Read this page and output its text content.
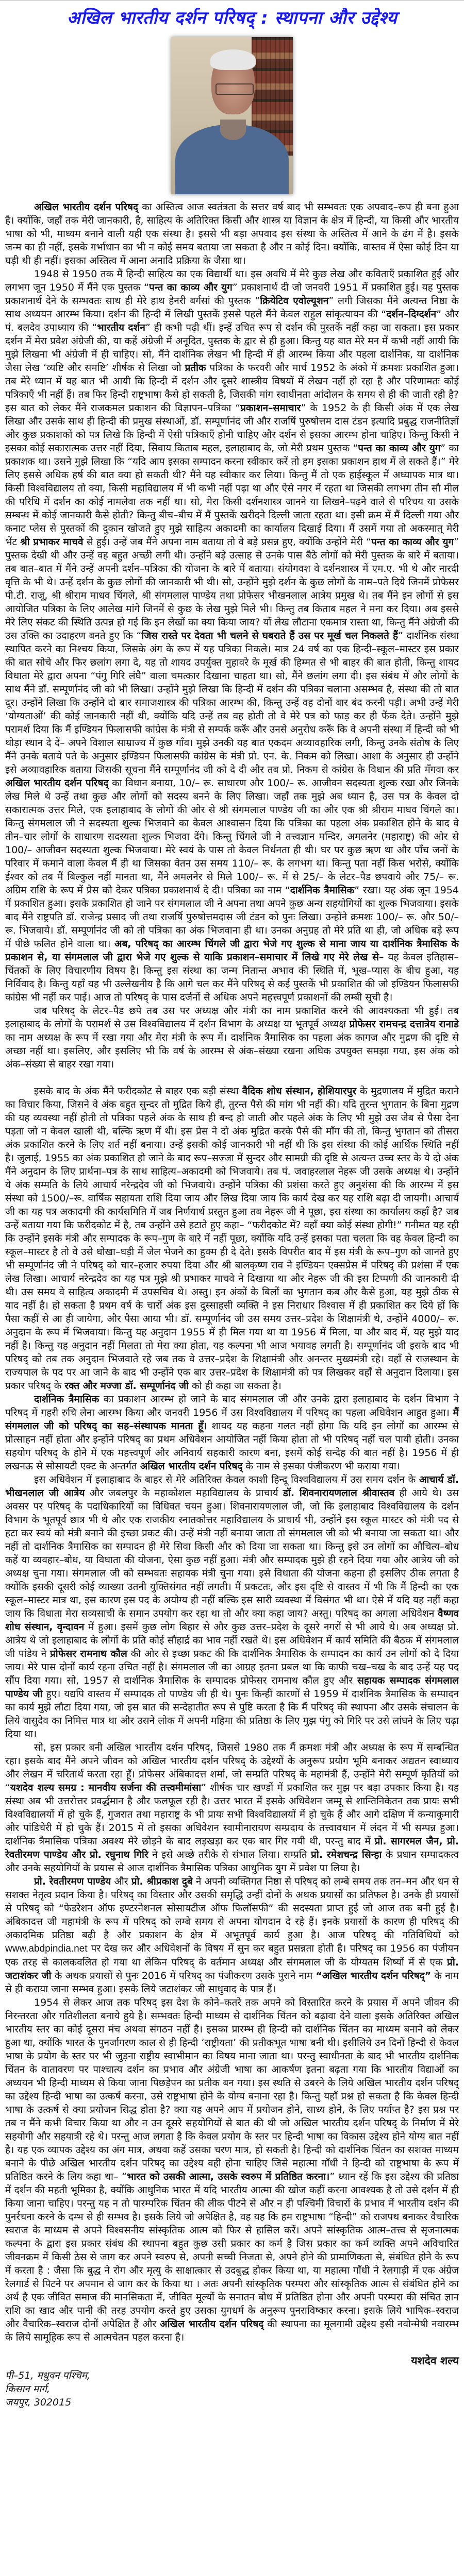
अखिल भारतीय दर्शन परिषद् : स्थापना और उद्देश्य

अखिल भारतीय दर्शन परिषद् का अस्तित्व आज स्वतंत्रता के सत्तर वर्ष बाद भी सम्भवतः एक अपवाद–रूप ही बना हुआ है। क्योंकि, जहाँ तक मेरी जानकारी, है, साहित्य के अतिरिक्त किसी और शास्त्र या विज्ञान के क्षेत्र में हिन्दी, या किसी और भारतीय भाषा को भी, माध्यम बनाने वाली यही एक संस्था है। इससे भी बड़ा अपवाद इस संस्था के अस्तित्व में आने के ढंग में है। इसके जन्म का ही नहीं, इसके गर्भाधान का भी न कोई समय बताया जा सकता है और न कोई दिन। क्योंकि, वास्तव में ऐसा कोई दिन या घड़ी थी ही नहीं। इसका अस्तित्व में आना अनादि प्रक्रिया के जैसा था।

1948 से 1950 तक मैं हिन्दी साहित्य का एक विद्यार्थी था। इस अवधि में मेरे कुछ लेख और कविताएँ प्रकाशित हुईं और लगभग जून 1950 में मैंने एक पुस्तक “पन्त का काव्य और युग” प्रकाशनार्थ दी जो जनवरी 1951 में प्रकाशित हुई। यह पुस्तक प्रकाशनार्थ देने के सम्भवतः साथ ही मेरे हाथ हेनरी बर्गसां की पुस्तक “क्रियेटिव एवोल्यूशन” लगी जिसका मैंने अत्यन्त निष्ठा के साथ अध्ययन आरम्भ किया। दर्शन की हिन्दी में लिखी पुस्तकें इससे पहले मैंने केवल राहुल सांकृत्यायन की “दर्शन–दिग्दर्शन” और पं. बलदेव उपाध्याय की “भारतीय दर्शन” ही कभी पढ़ी थीं। इन्हें उचित रूप से दर्शन की पुस्तकें नहीं कहा जा सकता। इस प्रकार दर्शन में मेरा प्रवेश अंग्रेजी की, या कहें अंग्रेजी में अनूदित, पुस्तक के द्वार से ही हुआ। किन्तु यह बात मेरे मन में कभी नहीं आयी कि मुझे लिखना भी अंग्रेजी में ही चाहिए। सो, मैंने दार्शनिक लेखन भी हिन्दी में ही आरम्भ किया और पहला दार्शनिक, या दार्शनिक जैसा लेख ‘व्यष्टि और समष्टि’ शीर्षक से लिखा जो प्रतीक पत्रिका के फरवरी और मार्च 1952 के अंको में क्रमशः प्रकाशित हुआ। तब मेरे ध्यान में यह बात भी आयी कि हिन्दी में दर्शन और दूसरे शास्त्रीय विषयों में लेखन नहीं हो रहा है और परिणामतः कोई पत्रिकाएँ भी नहीं हैं। तब फिर हिन्दी राष्ट्रभाषा कैसे हो सकती है, जिसकी मांग स्वाधीनता आंदोलन के समय से ही की जाती रही है? इस बात को लेकर मैंने राजकमल प्रकाशन की विज्ञापन–पत्रिका “प्रकाशन–समाचार” के 1952 के ही किसी अंक में एक लेख लिखा और उसके साथ ही हिन्दी की प्रमुख संस्थाओं, डॉ. सम्पूर्णानंद जी और राजर्षि पुरुषोत्तम दास टंडन इत्यादि प्रबुद्ध राजनीतिज्ञों और कुछ प्रकाशकों को पत्र लिखे कि हिन्दी में ऐसी पत्रिकाएँ होनी चाहिए और दर्शन से इसका आरम्भ होना चाहिए। किन्तु किसी ने इसका कोई सकारात्मक उत्तर नहीं दिया, सिवाय किताब महल, इलाहाबाद के, जो मेरी प्रथम पुस्तक “पन्त का काव्य और युग” का प्रकाशक था। उसने मुझे लिखा कि “यदि आप इसका सम्पादन करना स्वीकार करें तो हम इसका प्रकाशन हाथ में ले सकते हैं।” मेरे लिए इससे अधिक हर्ष की बात क्या हो सकती थी? मैंने यह स्वीकार कर लिया। किन्तु मैं तो एक हाईस्कूल में अध्यापक मात्र था। किसी विश्वविद्यालय तो क्या, किसी महाविद्यालय में भी कभी नहीं पढ़ा था और ऐसे नगर में रहता था जिसकी लगभग तीन सौ मील की परिधि में दर्शन का कोई नामलेवा तक नहीं था। सो, मेरा किसी दर्शनशास्त्र जानने या लिखने–पढ़ने वाले से परिचय या उसके सम्बन्ध में कोई जानकारी कैसे होती? किन्तु बीच–बीच में मैं पुस्तकें खरीदने दिल्ली जाता रहता था। इसी क्रम में मैं दिल्ली गया और कनाट प्लेस से पुस्तकों की दुकान खोजते हुए मुझे साहित्य अकादमी का कार्यालय दिखाई दिया। मैं उसमें गया तो अकस्मात् मेरी भेंट श्री प्रभाकर माचवे से हुई। उन्हें जब मैंने अपना नाम बताया तो वे बड़े प्रसन्न हुए, क्योंकि उन्होंने मेरी “पन्त का काव्य और युग” पुस्तक देखी थी और उन्हें वह बहुत अच्छी लगी थी। उन्होंने बड़े उत्साह से उनके पास बैठे लोगों को मेरी पुस्तक के बारे में बताया। तब बात–बात में मैंने उन्हें अपनी दर्शन–पत्रिका की योजना के बारे में बताया। संयोगवश वे दर्शनशास्त्र में एम.ए. भी थे और नारदी वृत्ति के भी थे। उन्हें दर्शन के कुछ लोगों की जानकारी भी थी। सो, उन्होंने मुझे दर्शन के कुछ लोगों के नाम–पते दिये जिनमें प्रोफेसर पी.टी. राजू, श्री श्रीराम माधव चिंगले, श्री संगमलाल पाण्डेय तथा प्रोफेसर भीखनलाल आत्रेय प्रमुख थे। तब मैंने इन लोगों से इस आयोजित पत्रिका के लिए आलेख मांगे जिनमें से कुछ के लेख मुझे मिले भी। किन्तु तब किताब महल ने मना कर दिया। अब इससे मेरे लिए संकट की स्थिति उत्पन्न हो गई कि इन लेखों का क्या किया जाय? यों लेख लौटाना एकमात्र रास्ता था, किन्तु मैंने अंग्रेजी की उस उक्ति का उदाहरण बनते हुए कि “जिस रास्ते पर देवता भी चलने से घबराते हैं उस पर मूर्ख चल निकलते हैं” दार्शनिक संस्था स्थापित करने का निश्चय किया, जिसके अंग के रूप में यह पत्रिका निकले। मात्र 24 वर्ष का एक हिन्दी–स्कूल–मास्टर इस प्रकार की बात सोचे और फिर छलांग लगा दे, यह तो शायद उपर्युक्त मुहावरे के मूर्ख की हिम्मत से भी बाहर की बात होती, किन्तु शायद विधाता मेरे द्वारा अपना “पंगु गिरि लंघै” वाला चमत्कार दिखाना चाहता था। सो, मैंने छलांग लगा दी। इस संबंध में और लोगों के साथ मैंने डॉ. सम्पूर्णानंद जी को भी लिखा। उन्होंने मुझे लिखा कि हिन्दी में दर्शन की पत्रिका चलाना असम्भव है, संस्था की तो बात दूर। उन्होंने लिखा कि उन्होंने दो बार समाजशास्त्र की पत्रिका आरम्भ की, किन्तु उन्हें वह दोनों बार बंद करनी पड़ी। अभी उन्हें मेरी ‘योग्यताओं’ की कोई जानकारी नहीं थी, क्योंकि यदि उन्हें तब वह होती तो वे मेरे पत्र को फाड़ कर ही फेंक देते। उन्होंने मुझे परामर्श दिया कि मैं इण्डियन फिलासफी कांग्रेस के मंत्री से सम्पर्क करूँ और उनसे अनुरोध करूँ कि वे अपनी संस्था में हिन्दी को भी थोड़ा स्थान दे दें– अपने विशाल साम्राज्य में कुछ गाँव। मुझे उनकी यह बात एकदम अव्यावहारिक लगी, किन्तु उनके संतोष के लिए मैंने उनके बताये पते के अनुसार इण्डियन फिलासफी कांग्रेस के मंत्री प्रो. एन. के. निकम को लिखा। आशा के अनुसार ही उन्होंने इसे अव्यावहारिक बताया जिसकी सूचना मैंने सम्पूर्णानंद जी को दे दी और तब प्रो. निकम से कांग्रेस के विधान की प्रति मँगवा कर अखिल भारतीय दर्शन परिषद् का विधान बनाया, 10/– रू. साधारण और 100/– रू. आजीवन सदस्यता शुल्क रखा और जिनके लेख मिले थे उन्हें तथा कुछ और लोगों को सदस्य बनने के लिए लिखा। जहाँ तक मुझे अब ध्यान है, उस पत्र के केवल दो सकारात्मक उत्तर मिले, एक इलाहाबाद के लोगों की ओर से श्री संगमलाल पाण्डेय जी का और एक श्री श्रीराम माधव चिंगले का। किन्तु संगमलाल जी ने सदस्यता शुल्क भिजवाने का केवल आश्वासन दिया कि पत्रिका का पहला अंक प्रकाशित होने के बाद वे तीन–चार लोगों के साधारण सदस्यता शुल्क भिजवा देंगे। किन्तु चिंगले जी ने तत्त्वज्ञान मन्दिर, अमलनेर (महाराष्ट्र) की ओर से 100/– आजीवन सदस्यता शुल्क भिजवाया। मेरे स्वयं के पास तो केवल निर्धनता ही थी। घर पर कुछ ऋण था और पाँच जनों के परिवार में कमाने वाला केवल मैं ही था जिसका वेतन उस समय 110/– रू. के लगभग था। किन्तु पता नहीं किस भरोसे, क्योंकि ईश्वर को तब मैं बिल्कुल नहीं मानता था, मैंने अमलनेर से मिले 100/– रू. में से 25/– के लेटर–पैड छपवाये और 75/– रू. अग्रिम राशि के रूप में प्रेस को देकर पत्रिका प्रकाशनार्थ दे दी। पत्रिका का नाम “दार्शनिक त्रैमासिक” रखा। यह अंक जून 1954 में प्रकाशित हुआ। इसके प्रकाशित हो जाने पर संगमलाल जी ने अपना तथा अपने कुछ अन्य सहयोगियों का शुल्क भिजवाया। इसके बाद मैंने राष्ट्रपति डॉ. राजेन्द्र प्रसाद जी तथा राजर्षि पुरुषोत्तमदास जी टंडन को पुनः लिखा। उन्होंने क्रमशः 100/– रू. और 50/– रू. भिजवाये। डॉ. सम्पूर्णानंद जी को तो पत्रिका का अंक भिजवाना ही था। उनका अनुग्रह तो मेरे प्रति था ही, जो अधिक बड़े रूप में पीछे फलित होने वाला था। अब, परिषद् का आरम्भ चिंगले जी द्वारा भेजे गए शुल्क से माना जाय या दार्शनिक त्रैमासिक के प्रकाशन से, या संगमलाल जी द्वारा भेजे गए शुल्क से याकि प्रकाशन–समाचार में लिखे गए मेरे लेख से– यह केवल इतिहास–चिंतकों के लिए विचारणीय विषय है। किन्तु इस संस्था का जन्म नितान्त अभाव की स्थिति में, भूख–प्यास के बीच हुआ, यह निर्विवाद है। किन्तु यहाँ यह भी उल्लेखनीय है कि आगे चल कर मैंने परिषद् से कई पुस्तकें भी प्रकाशित की जो इण्डियन फिलासफी कांग्रेस भी नहीं कर पाई। आज तो परिषद् के पास दर्जनों से अधिक अपने महत्त्वपूर्ण प्रकाशनों की लम्बी सूची है।

जब परिषद् के लेटर–पैड छपे तब उस पर अध्यक्ष और मंत्री का नाम प्रकाशित करने की आवश्यकता भी हुई। तब इलाहाबाद के लोगों के परामर्श से उस विश्वविद्यालय में दर्शन विभाग के अध्यक्ष या भूतपूर्व अध्यक्ष प्रोफेसर रामचन्द्र दत्तात्रेय रानाडे का नाम अध्यक्ष के रूप में रखा गया और मेरा मंत्री के रूप में। दार्शनिक त्रैमासिक का पहला अंक कागज और मुद्रण की दृष्टि से अच्छा नहीं था। इसलिए, और इसलिए भी कि वर्ष के आरम्भ से अंक–संख्या रखना अधिक उपयुक्त समझा गया, इस अंक को अंक–संख्या से बाहर रखा गया।

इसके बाद के अंक मैंने फरीदकोट से बाहर एक बड़ी संस्था वैदिक शोध संस्थान, होशियारपुर के मुद्रणालय में मुद्रित कराने का विचार किया, जिसने वे अंक बहुत सुन्दर तो मुद्रित किये ही, तुरन्त पैसे की मांग भी नहीं की। यदि तुरन्त भुगतान के बिना मुद्रण की यह व्यवस्था नहीं होती तो पत्रिका पहले अंक के साथ ही बन्द हो जाती और पहले अंक के लिए भी मुझे उस जेब से पैसा देना पड़ता जो न केवल खाली थी, बल्कि ऋण में थी। इस प्रेस ने दो अंक मुद्रित करके पैसे की माँग की तो, किन्तु भुगतान को तीसरा अंक प्रकाशित करने के लिए शर्त नहीं बनाया। उन्हें इसकी कोई जानकारी भी नहीं थी कि इस संस्था की कोई आर्थिक स्थिति नहीं है। जुलाई, 1955 का अंक प्रकाशित हो जाने के बाद रूप–सज्जा में सुन्दर और सामग्री की दृष्टि से अत्यन्त उच्च स्तर के ये दो अंक मैंने अनुदान के लिए प्रार्थना–पत्र के साथ साहित्य–अकादमी को भिजवाये। तब पं. जवाहरलाल नेहरू जी उसके अध्यक्ष थे। उन्होंने ये अंक सम्मति के लिये आचार्य नरेन्द्रदेव जी को भिजवाये। उन्होंने पत्रिका की प्रशंसा करते हुए अनुशंसा की कि आरम्भ में इस संस्था को 1500/–रू. वार्षिक सहायता राशि दिया जाय और लिख दिया जाय कि कार्य देख कर यह राशि बढ़ा दी जायगी। आचार्य जी का यह पत्र अकादमी की कार्यसमिति में जब निर्णयार्थ प्रस्तुत हुआ तब नेहरू जी ने पूछा, इस संस्था का कार्यालय कहाँ है? जब उन्हें बताया गया कि फरीदकोट में है, तब उन्होंने उसे हटाते हुए कहा– “फरीदकोट में? वहाँ क्या कोई संस्था होगी!” गनीमत यह रही कि उन्होंने इसके मंत्री और सम्पादक के रूप–गुण के बारे में नहीं पूछा, क्योंकि यदि उन्हें इसका पता चलता कि वह केवल हिन्दी का स्कूल–मास्टर है तो वे उसे धोखा–धड़ी में जेल भेजने का हुक्म ही दे देते। इसके विपरीत बाद में इस मंत्री के रूप–गुण को जानते हुए भी सम्पूर्णानंद जी ने परिषद् को चार–हजार रुपया दिया और श्री बालकृष्ण राव ने इण्डियन एक्सप्रेस में परिषद् की प्रशंसा में एक लेख लिखा। आचार्य नरेन्द्रदेव का यह पत्र मुझे श्री प्रभाकर माचवे ने दिखाया था और नेहरू जी की इस टिप्पणी की जानकारी दी थी। उस समय वे साहित्य अकादमी में उपसचिव थे। अस्तु। इन अंकों के बिलों का भुगतान कब और कैसे हुआ, यह मुझे ठीक से याद नहीं है। हो सकता है प्रथम वर्ष के चारों अंक इस दुस्साहसी व्यक्ति ने इस निराधार विश्वास में ही प्रकाशित कर दिये हों कि पैसा कहीं से आ ही जायेगा, और पैसा आया भी। डॉ. सम्पूर्णानंद जी उस समय उत्तर–प्रदेश के शिक्षामंत्री थे, उन्होंने 4000/– रू. अनुदान के रूप में भिजवाया। किन्तु यह अनुदान 1955 में ही मिल गया था या 1956 में मिला, या और बाद में, यह मुझे याद नहीं है। किन्तु यह अनुदान नहीं मिलता तो मेरा क्या होता, यह कल्पना भी आज भयावह लगती है। सम्पूर्णानंद जी इसके बाद भी परिषद् को तब तक अनुदान भिजवाते रहे जब तक वे उत्तर–प्रदेश के शिक्षामंत्री और अनन्तर मुख्यमंत्री रहे। वहाँ से राजस्थान के राज्यपाल के पद पर आ जाने के बाद भी उन्होंने एक बार उत्तर–प्रदेश के शिक्षामंत्री को पत्र लिखकर वहाँ से अनुदान दिलाया। इस प्रकार परिषद् के रक्त और मज्जा डॉ. सम्पूर्णानंद जी को ही कहा जा सकता है।

दार्शनिक त्रैमासिक का प्रकाशन आरम्भ हो जाने के बाद संगमलाल जी और उनके द्वारा इलाहाबाद के दर्शन विभाग ने परिषद् में गहरी रुचि लेना आरम्भ किया और जनवरी 1956 में उस विश्वविद्यालय में परिषद् का पहला अधिवेशन आहुत हुआ। मैं संगमलाल जी को परिषद् का सह–संस्थापक मानता हूँ। शायद यह कहना गलत नहीं होगा कि यदि इन लोगों का आरम्भ से प्रोत्साहन नहीं होता और इन्होंने परिषद् का प्रथम अधिवेशन आयोजित नहीं किया होता तो भी परिषद् नहीं चल पायी होती। उनका सहयोग परिषद् के होने में एक महत्त्वपूर्ण और अनिवार्य सहकारी कारण बना, इसमें कोई सन्देह की बात नहीं है। 1956 में ही लखनऊ से सोसायटी एक्ट के अन्तर्गत अखिल भारतीय दर्शन परिषद् के नाम से इसका पंजीकरण भी कराया गया।

इस अधिवेशन में इलाहाबाद के बाहर से मेरे अतिरिक्त केवल काशी हिन्दू विश्वविद्यालय में उस समय दर्शन के आचार्य डॉ. भीखनलाल जी आत्रेय और जबलपुर के महाकोशल महाविद्यालय के प्राचार्य डॉ. शिवनारायणलाल श्रीवास्तव ही आये थे। उस अवसर पर परिषद् के पदाधिकारियों का विधिवत चयन हुआ। शिवनारायणलाल जी, जो कि इलाहाबाद विश्वविद्यालय के दर्शन विभाग के भूतपूर्व छात्र भी थे और एक राजकीय स्नातकोत्तर महाविद्यालय के प्राचार्य भी, उन्होंने इस स्कूल मास्टर को मंत्री पद से हटा कर स्वयं को मंत्री बनाने की इच्छा प्रकट की। उन्हें मंत्री नहीं बनाया जाता तो संगमलाल जी को भी बनाया जा सकता था। और नहीं तो दार्शनिक त्रैमासिक का सम्पादन ही मेरे सिवा किसी और को दिया जा सकता था। किन्तु इसे उन लोगों का औचित्य–बोध कहें या व्यवहार–बोध, या विधाता की योजना, ऐसा कुछ नहीं हुआ। मंत्री और सम्पादक मुझे ही रहने दिया गया और आत्रेय जी को अध्यक्ष चुना गया। संगमलाल जी को सम्भवतः सहायक मंत्री चुना गया। इसे विधाता की योजना कहना ही इसलिए ठीक लगता है क्योंकि इसकी दूसरी कोई व्याख्या उतनी युक्तिसंगत नहीं लगती। मैं प्रकटतः, और इस दृष्टि से वास्तव में भी कि मैं हिन्दी का एक स्कूल–मास्टर मात्र था, इस कारण इस पद के अयोग्य ही नहीं बल्कि इस सारी व्यवस्था में विसंगत भी था। ऐसे में यदि यह नहीं कहा जाय कि विधाता मेरा सव्यसाची के समान उपयोग कर रहा था तो और क्या कहा जाय? अस्तु। परिषद् का अगला अधिवेशन वैष्णव शोध संस्थान, वृन्दावन में हुआ। इसमें कुछ लोग बिहार से और कुछ उत्तर–प्रदेश के दूसरे नगरों से भी आये थे। अब अध्यक्ष प्रो. आत्रेय थे जो इलाहाबाद के लोगों के प्रति कोई सौहार्द्र का भाव नहीं रखते थे। इस अधिवेशन में कार्य समिति की बैठक में संगमलाल जी पांडेय ने प्रोफेसर रामनाथ कौल की ओर से इच्छा प्रकट की कि दार्शनिक त्रैमासिक के सम्पादन का कार्य उन लोगों को दे दिया जाय। मेरे पास दोनों कार्य रहना उचित नहीं है। संगमलाल जी का आग्रह इतना प्रबल था कि काफी चख–चख के बाद उन्हें यह पद सौंप दिया गया। सो, 1957 से दार्शनिक त्रैमासिक के सम्पादक प्रोफेसर रामनाथ कौल हुए और सहायक सम्पादक संगमलाल पाण्डेय जी हुए। यद्यपि वास्तव में सम्पादक तो पाण्डेय जी ही थे। पुनः किन्हीं कारणों से 1959 में दार्शनिक त्रैमासिक के सम्पादन का कार्य मुझे लौटा दिया गया, जो इस बात की सन्देहातीत रूप से पुष्टि करता है कि मैं परिषद् की स्थापना और उसके संचालन के लिये वासुदेव का निमित्त मात्र था और उसने लोक में अपनी महिमा की प्रतिष्ठा के लिए मुझ पंगु को गिरि पर उसे लांघने के लिए चढ़ा दिया था।

सो, इस प्रकार बनी अखिल भारतीय दर्शन परिषद्, जिससे 1980 तक मैं क्रमशः मंत्री और अध्यक्ष के रूप में सम्बन्धित रहा। इसके बाद मैंने अपने जीवन को अखिल भारतीय दर्शन परिषद् के उद्देश्यों के अनुरूप प्रयोग भूमि बनाकर अद्यतन स्वाध्याय और लेखन में चरितार्थ करता रहा हूँ। प्रोफेसर अंबिकादत्त शर्मा, जो सम्प्रति परिषद् के महामंत्री हैं, उन्होंने मेरी सम्पूर्ण कृतियों को “यशदेव शल्य समग्र : मानवीय सर्जना की तत्त्वमीमांसा” शीर्षक चार खण्डों में प्रकाशित कर मुझ पर बड़ा उपकार किया है। यह संस्था अब भी उत्तरोत्तर प्रवर्द्धमान है और फलफूल रही है। उत्तर भारत में इसके अधिवेशन जम्मू से शान्तिनिकेतन तक प्रायः सभी विश्वविद्यालयों में हो चुके हैं, गुजरात तथा महाराष्ट्र के भी प्रायः सभी विश्वविद्यालयों में हो चुके हैं और आगे दक्षिण में कन्याकुमारी और पांडिचेरी में हो चुके हैं। 2015 में तो इसका अधिवेशन स्वामीनारायण सम्प्रदाय के तत्त्वावधान में लंदन में भी सम्पन्न हुआ। दार्शनिक त्रैमासिक पत्रिका अवश्य मेरे छोड़ने के बाद लड़खड़ा कर एक बार गिर गयी थी, परन्तु बाद में प्रो. सागरमल जैन, प्रो. रेवतीरमण पाण्डेय और प्रो. रघुनाथ गिरि ने इसे अच्छे तरीके से संभाल लिया। सम्प्रति प्रो. रमेशचन्द्र सिन्हा के प्रधान सम्पादकत्व और उनके सहयोगियों के प्रयास से आज दार्शनिक त्रैमासिक पत्रिका आधुनिक युग में प्रवेश पा लिया है।

प्रो. रेवतीरमण पाण्डेय और प्रो. श्रीप्रकाश दुबे ने अपनी व्यक्तिगत निष्ठा से परिषद् को लम्बे समय तक तन–मन और धन से सशक्त नेतृत्व प्रदान किया है। परिषद् का विस्तार और उसकी समृद्धि उन्हीं दोनों के अथक प्रयासों का प्रतिफल है। उनके ही प्रयासों से परिषद् को “फेडरेशन ऑफ इण्टरनेशनल सोसायटीज ऑफ फिलॉसफी” की सदस्यता प्राप्त हुई जो आज तक बनी हुई है। अंबिकादत्त जी महामंत्री के रूप में परिषद् को लम्बे समय से अपना योगदान दे रहे हैं। इनके प्रयासों के कारण ही परिषद् की अकादमिक प्रतिष्ठा बढ़ी है और प्रकाशन के क्षेत्र में अभूतपूर्व कार्य हुआ है। आज परिषद् की गतिविधियों को www.abdpindia.net पर देख कर और अधिवेशनों के विषय में सुन कर बहुत प्रसन्नता होती है। परिषद् का 1956 का पंजीयन एक तरह से कालकवलित हो गया था लेकिन परिषद् के वर्तमान अध्यक्ष और संगमलाल जी के योग्यतम शिष्यों में से एक प्रो. जटाशंकर जी के अथक प्रयासों से पुनः 2016 में परिषद् का पंजीकरण उसके पुराने नाम “अखिल भारतीय दर्शन परिषद्” के नाम से ही कराया जाना सम्भव हुआ। इसके लिये जटाशंकर जी साधुवाद के पात्र हैं।

1954 से लेकर आज तक परिषद् इस देश के कोने–कतरे तक अपने को विस्तारित करने के प्रयास में अपने जीवन की निरन्तरता और गतिशीलता बनाये हुये है। सम्भवतः हिन्दी माध्यम से दार्शनिक चिंतन को बढ़ावा देने वाला इसके अतिरिक्त अखिल भारतीय स्तर का कोई दूसरा मंच अथवा संगठन नहीं है। इसका प्रारम्भ ही हिन्दी को दार्शनिक चिंतन का माध्यम बनाने को लेकर हुआ था, क्योंकि भारत के पुनर्जागरण काल से ही हिन्दी ‘राष्ट्रीयता’ की प्रतीकभूत भाषा बनी थी। इसीलिये उन दिनों हिन्दी से केवल भाषा के प्रयोग के स्तर पर भी जुड़ना राष्ट्रीय स्वाभीमान का विषय माना जाता था। परन्तु स्वाधीनता के बाद भी भारतीय दार्शनिक चिंतन के वातावरण पर पाश्चात्य दर्शन का प्रभाव और अंग्रेजी भाषा का आकर्षण इतना बढ़ता गया कि भारतीय विद्याओं का अध्ययन भी हिन्दी माध्यम से किया जाना पिछड़ेपन का प्रतीक बन गया। इस स्थति से उबरने के लिये अखिल भारतीय दर्शन परिषद् का उद्देश्य हिन्दी भाषा का उत्कर्ष करना, उसे राष्ट्रभाषा होने के योग्य बनाना रहा है। किन्तु यहाँ प्रश्न हो सकता है कि केवल हिन्दी भाषा के उत्कर्ष से क्या प्रयोजन सिद्ध होता है? क्या यह अपने आप में प्रयोजन होने, साध्य होने, के लिए पर्याप्त है? इस प्रश्न पर तब न मैंने कभी विचार किया था और न उन दूसरे सहयोगियों से बात की थी जो अखिल भारतीय दर्शन परिषद् के निर्माण में मेरे सहयोगी और सहयात्री रहे थे। परन्तु आज लगता है कि केवल प्रयोग के स्तर पर हिन्दी भाषा का विकास उद्देश्य होने योग्य बात नहीं है। यह एक व्यापक उद्देश्य का अंग मात्र, अथवा कहें उसका चरण मात्र, हो सकती है। हिन्दी को दार्शनिक चिंतन का सशक्त माध्यम बनाने के पीछे अखिल भारतीय दर्शन परिषद् का उद्देश्य वही होना चाहिए जिसे महात्मा गाँधी ने हिन्दी को राष्ट्रभाषा के रूप में प्रतिष्ठित करने के लिय कहा था– “भारत को उसकी आत्मा, उसके स्वरुप में प्रतिष्ठित करना।” ध्यान रहें कि इस उद्देश्य की प्रतिष्ठा में दर्शन की महती भूमिका है, क्योंकि आधुनिक भारत में यदि भारतीय आत्मा की खोज कहीं करना आवश्यक है तो उसे दर्शन में ही किया जाना चाहिए। परन्तु यह न तो पारम्परिक चिंतन की लीक पीटने से और न ही पश्चिमी विचारों के प्रभाव में भारतीय दर्शन की पुनर्रचना करने के दम्भ से ही सम्भव है। इसके लिये जो अपेक्षित है, वह यह कि हम राष्ट्रभाषा “हिन्दी” को राजपथ बनाकर वैचारिक स्वराज के माध्यम से अपने विश्वसनीय सांस्कृतिक आत्म को फिर से हासिल करें। अपने सांस्कृतिक आत्म–तत्त्व से सृजनात्मक कल्पना के द्वारा इस प्रकार संबंध की स्थापना बहुत कुछ उसी प्रकार का कर्म है जिस प्रकार का कर्म व्यक्ति अपने अविचारित जीवनक्रम में किसी ठेस से जाग कर अपने स्वरुप से, अपनी सच्ची निजता से, अपने होने की प्रामाणिकता से, संबंधित होने के रूप में करता है : जैसा कि बुद्ध ने रोग और मृत्यु के साक्षात्कार से उदबुद्ध होकर किया था, या महात्मा गाँधी ने रेलगाड़ी में एक अंग्रेज रेलगार्ड से पिटने पर अपमान से जाग कर के किया था । अतः अपनी सांस्कृतिक परम्परा और सांस्कृतिक आत्म से संबंधित होने का अर्थ है एक जीवित समाज की मानसिकता में, जीवित मूल्यों के सनातन बोध में प्रतिष्ठित होना और अपनी परम्परा की संचित ज्ञान राशि का खाद और पानी की तरह उपयोग करते हुए उसका युगधर्म के अनुरूप पुनराविष्कार करना। इसके लिये भाषिक–स्वराज और वैचारिक–स्वराज दोनों अपेक्षित हैं और अखिल भारतीय दर्शन परिषद् की स्थापना का मूलगामी उद्देश्य इसी नवोन्मेषी नवारम्भ के लिये सामूहिक रूप से आत्मचेतन पहल करना है।

यशदेव शल्य
पी–51, मधुवन पश्चिम,
किसान मार्ग,
जयपुर, 302015
